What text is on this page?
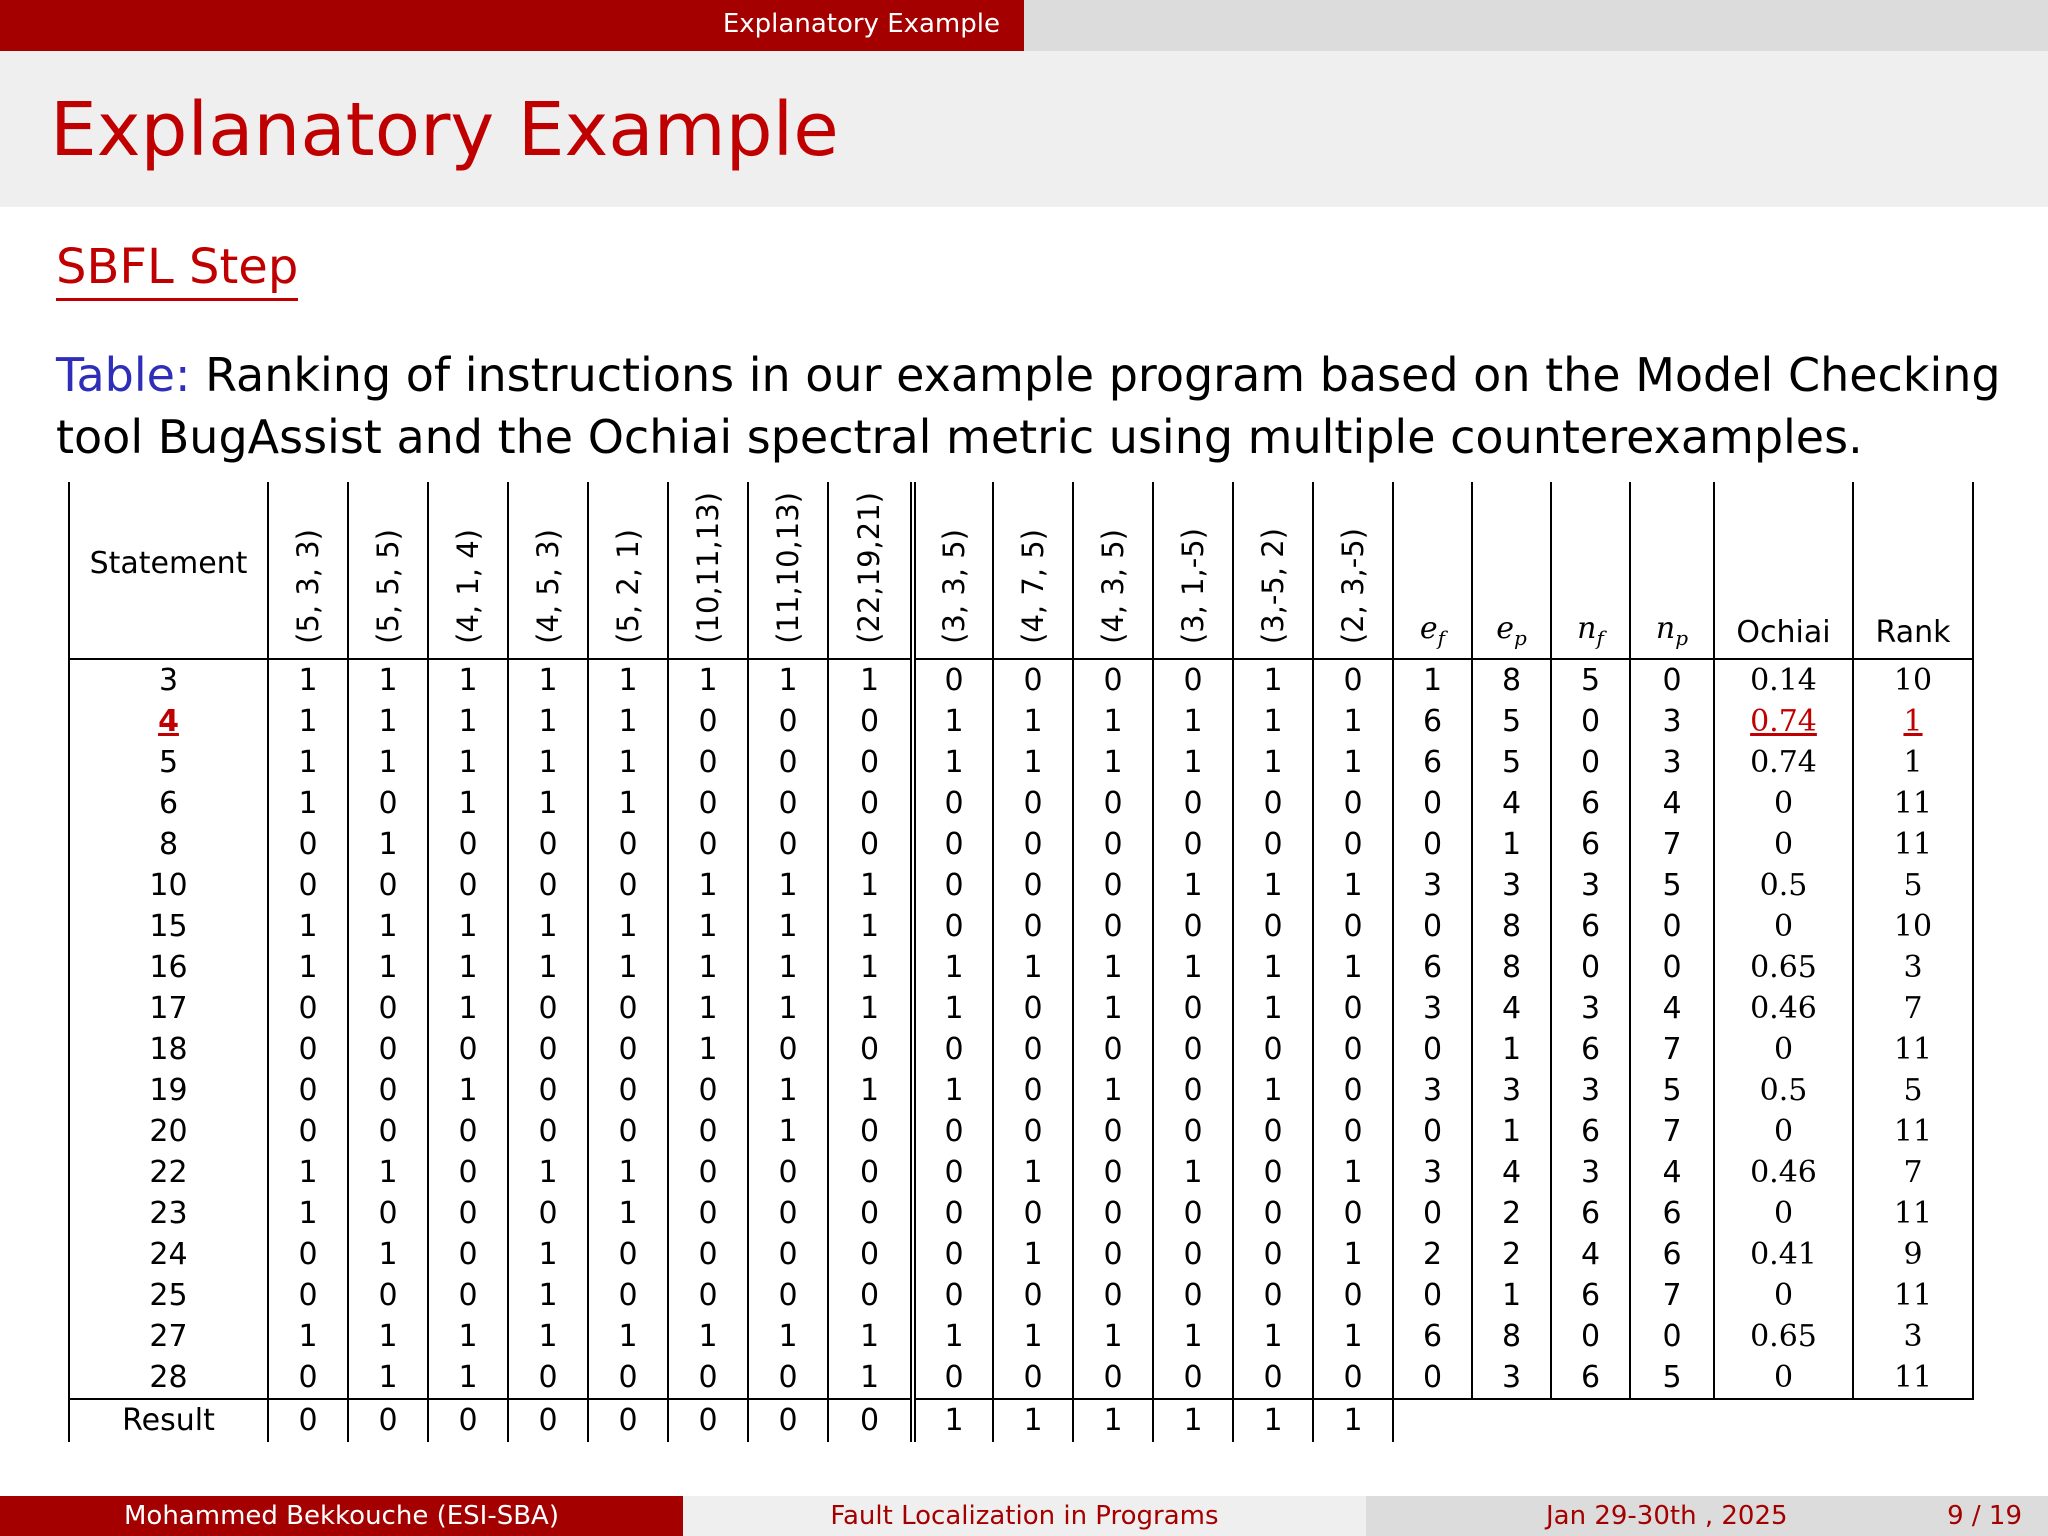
Explanatory Example
Explanatory Example
SBFL Step
Table: Ranking of instructions in our example program based on the Model Checking tool BugAssist and the Ochiai spectral metric using multiple counterexamples.
Statement	(5, 3, 3)	(5, 5, 5)	(4, 1, 4)	(4, 5, 3)	(5, 2, 1)	(10,11,13)	(11,10,13)	(22,19,21)	(3, 3, 5)	(4, 7, 5)	(4, 3, 5)	(3, 1,-5)	(3,-5, 2)	(2, 3,-5)	$e_f$	$e_p$	$n_f$	$n_p$	Ochiai	Rank
3	1	1	1	1	1	1	1	1	0	0	0	0	1	0	1	8	5	0	0.14	10
4	1	1	1	1	1	0	0	0	1	1	1	1	1	1	6	5	0	3	0.74	1
5	1	1	1	1	1	0	0	0	1	1	1	1	1	1	6	5	0	3	0.74	1
6	1	0	1	1	1	0	0	0	0	0	0	0	0	0	0	4	6	4	0	11
8	0	1	0	0	0	0	0	0	0	0	0	0	0	0	0	1	6	7	0	11
10	0	0	0	0	0	1	1	1	0	0	0	1	1	1	3	3	3	5	0.5	5
15	1	1	1	1	1	1	1	1	0	0	0	0	0	0	0	8	6	0	0	10
16	1	1	1	1	1	1	1	1	1	1	1	1	1	1	6	8	0	0	0.65	3
17	0	0	1	0	0	1	1	1	1	0	1	0	1	0	3	4	3	4	0.46	7
18	0	0	0	0	0	1	0	0	0	0	0	0	0	0	0	1	6	7	0	11
19	0	0	1	0	0	0	1	1	1	0	1	0	1	0	3	3	3	5	0.5	5
20	0	0	0	0	0	0	1	0	0	0	0	0	0	0	0	1	6	7	0	11
22	1	1	0	1	1	0	0	0	0	1	0	1	0	1	3	4	3	4	0.46	7
23	1	0	0	0	1	0	0	0	0	0	0	0	0	0	0	2	6	6	0	11
24	0	1	0	1	0	0	0	0	0	1	0	0	0	1	2	2	4	6	0.41	9
25	0	0	0	1	0	0	0	0	0	0	0	0	0	0	0	1	6	7	0	11
27	1	1	1	1	1	1	1	1	1	1	1	1	1	1	6	8	0	0	0.65	3
28	0	1	1	0	0	0	0	1	0	0	0	0	0	0	0	3	6	5	0	11
Result	0	0	0	0	0	0	0	0	1	1	1	1	1	1						
Mohammed Bekkouche (ESI-SBA)	Fault Localization in Programs	Jan 29-30th , 2025	9 / 19
